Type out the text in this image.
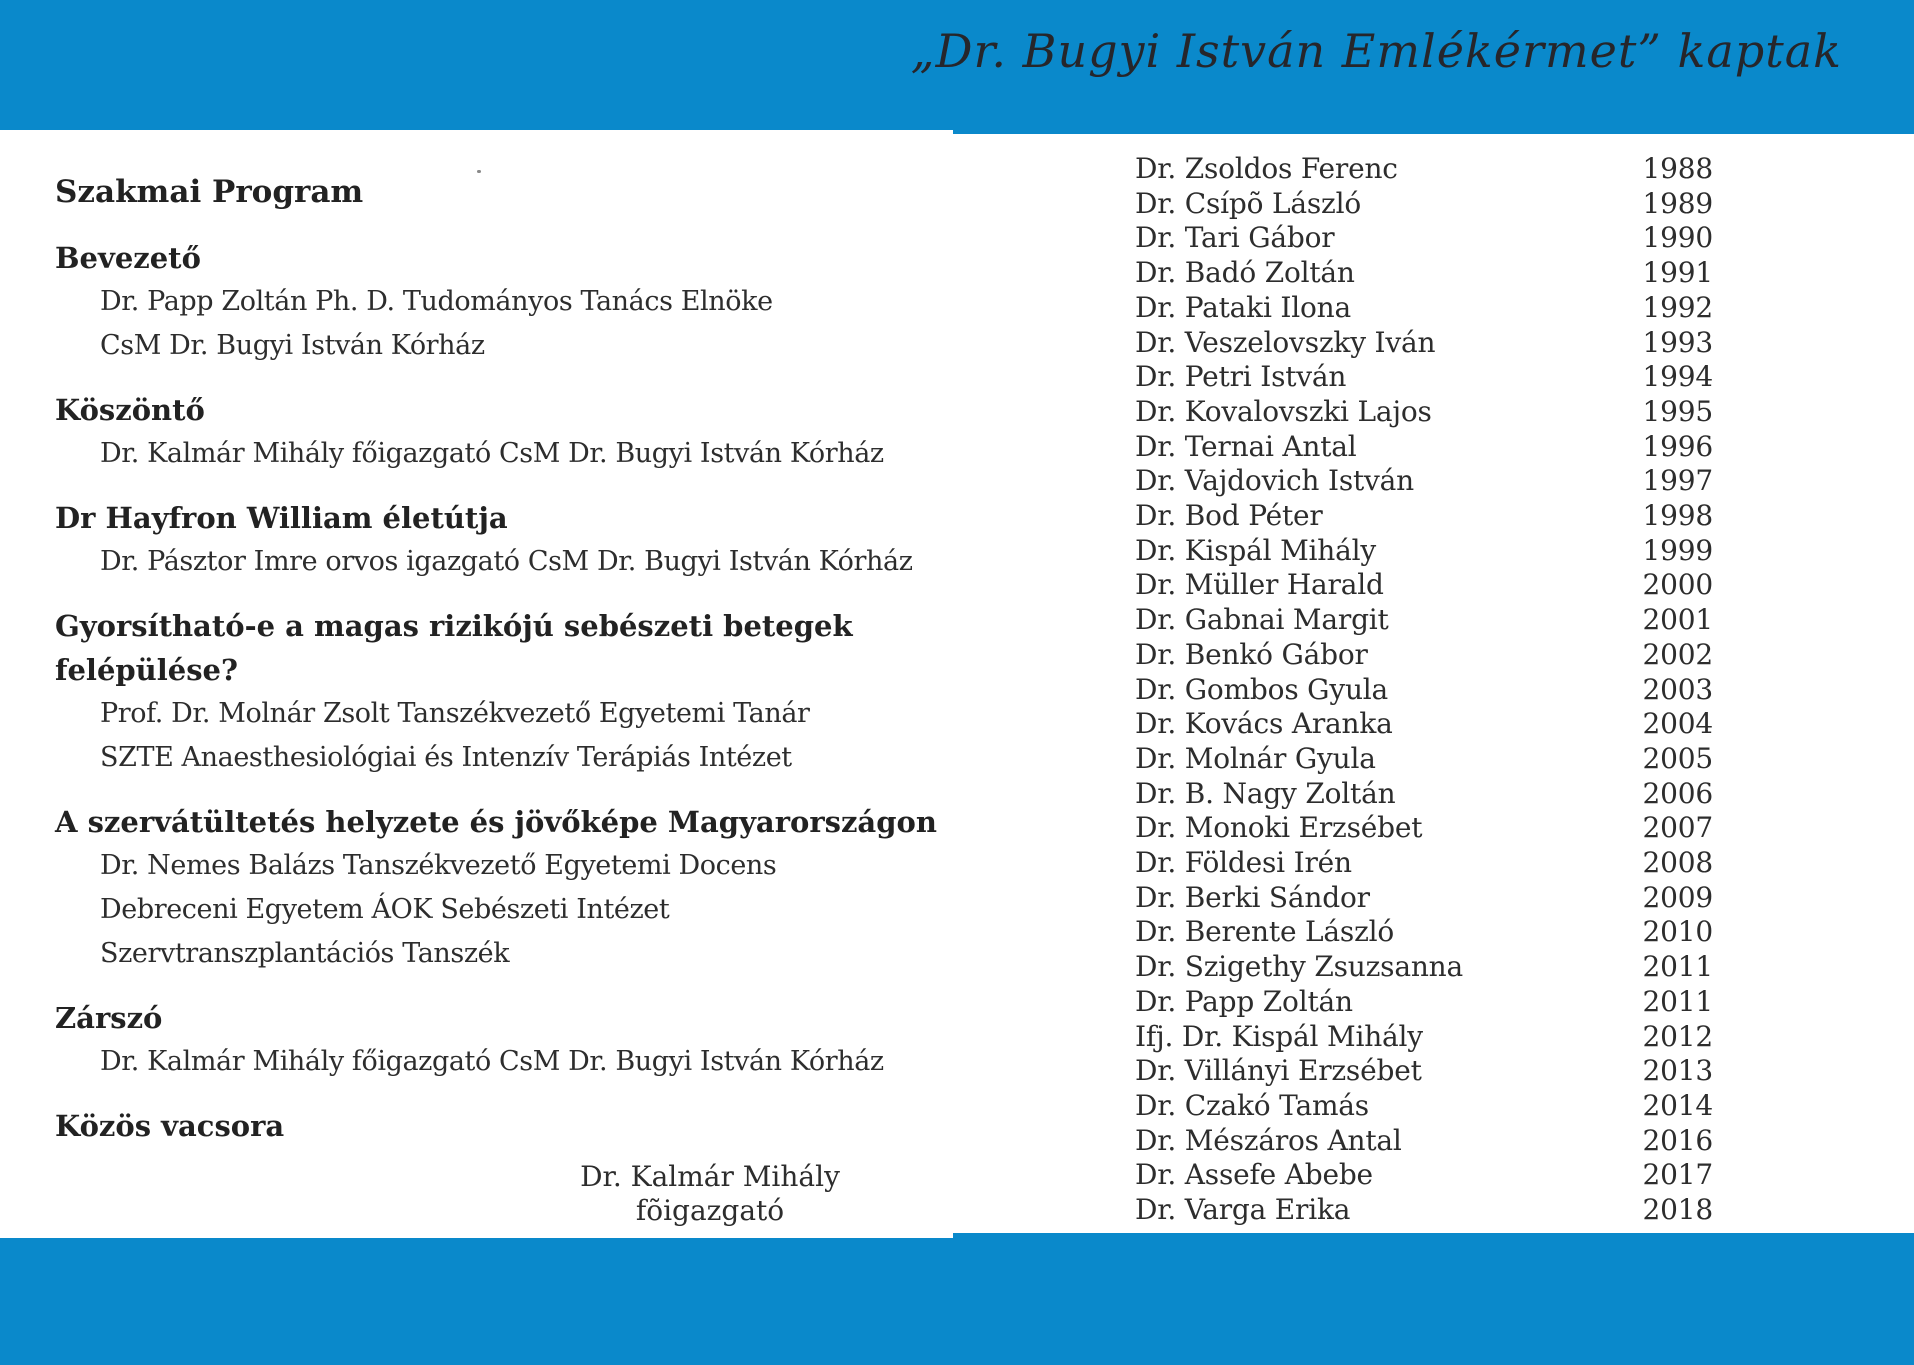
„Dr. Bugyi István Emlékérmet” kaptak
Szakmai Program
Bevezető
Dr. Papp Zoltán Ph. D. Tudományos Tanács Elnöke
CsM Dr. Bugyi István Kórház
Köszöntő
Dr. Kalmár Mihály főigazgató CsM Dr. Bugyi István Kórház
Dr Hayfron William életútja
Dr. Pásztor Imre orvos igazgató CsM Dr. Bugyi István Kórház
Gyorsítható-e a magas rizikójú sebészeti betegek
felépülése?
Prof. Dr. Molnár Zsolt Tanszékvezető Egyetemi Tanár
SZTE Anaesthesiológiai és Intenzív Terápiás Intézet
A szervátültetés helyzete és jövőképe Magyarországon
Dr. Nemes Balázs Tanszékvezető Egyetemi Docens
Debreceni Egyetem ÁOK Sebészeti Intézet
Szervtranszplantációs Tanszék
Zárszó
Dr. Kalmár Mihály főigazgató CsM Dr. Bugyi István Kórház
Közös vacsora
Dr. Kalmár Mihály
fõigazgató
Dr. Zsoldos Ferenc	1988
Dr. Csípõ László	1989
Dr. Tari Gábor	1990
Dr. Badó Zoltán	1991
Dr. Pataki Ilona	1992
Dr. Veszelovszky Iván	1993
Dr. Petri István	1994
Dr. Kovalovszki Lajos	1995
Dr. Ternai Antal	1996
Dr. Vajdovich István	1997
Dr. Bod Péter	1998
Dr. Kispál Mihály	1999
Dr. Müller Harald	2000
Dr. Gabnai Margit	2001
Dr. Benkó Gábor	2002
Dr. Gombos Gyula	2003
Dr. Kovács Aranka	2004
Dr. Molnár Gyula	2005
Dr. B. Nagy Zoltán	2006
Dr. Monoki Erzsébet	2007
Dr. Földesi Irén	2008
Dr. Berki Sándor	2009
Dr. Berente László	2010
Dr. Szigethy Zsuzsanna	2011
Dr. Papp Zoltán	2011
Ifj. Dr. Kispál Mihály	2012
Dr. Villányi Erzsébet	2013
Dr. Czakó Tamás	2014
Dr. Mészáros Antal	2016
Dr. Assefe Abebe	2017
Dr. Varga Erika	2018
